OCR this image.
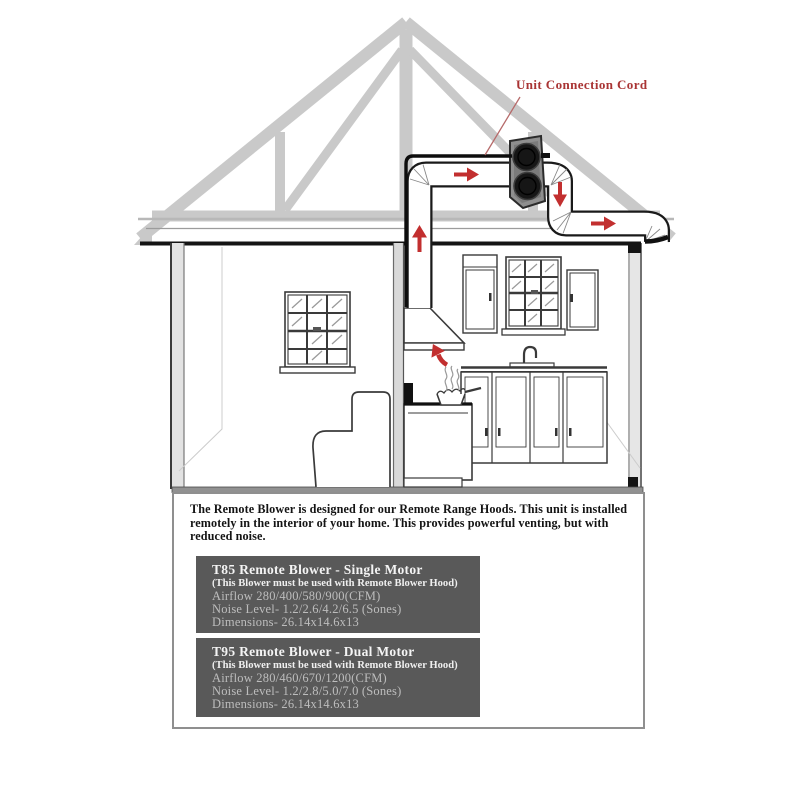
Unit Connection Cord
The Remote Blower is designed for our Remote Range Hoods. This unit is installed
remotely in the interior of your home. This provides powerful venting, but with
reduced noise.
T85 Remote Blower - Single Motor
(This Blower must be used with Remote Blower Hood)
Airflow 280/400/580/900(CFM)
Noise Level- 1.2/2.6/4.2/6.5 (Sones)
Dimensions- 26.14x14.6x13
T95 Remote Blower - Dual Motor
(This Blower must be used with Remote Blower Hood)
Airflow 280/460/670/1200(CFM)
Noise Level- 1.2/2.8/5.0/7.0 (Sones)
Dimensions- 26.14x14.6x13
